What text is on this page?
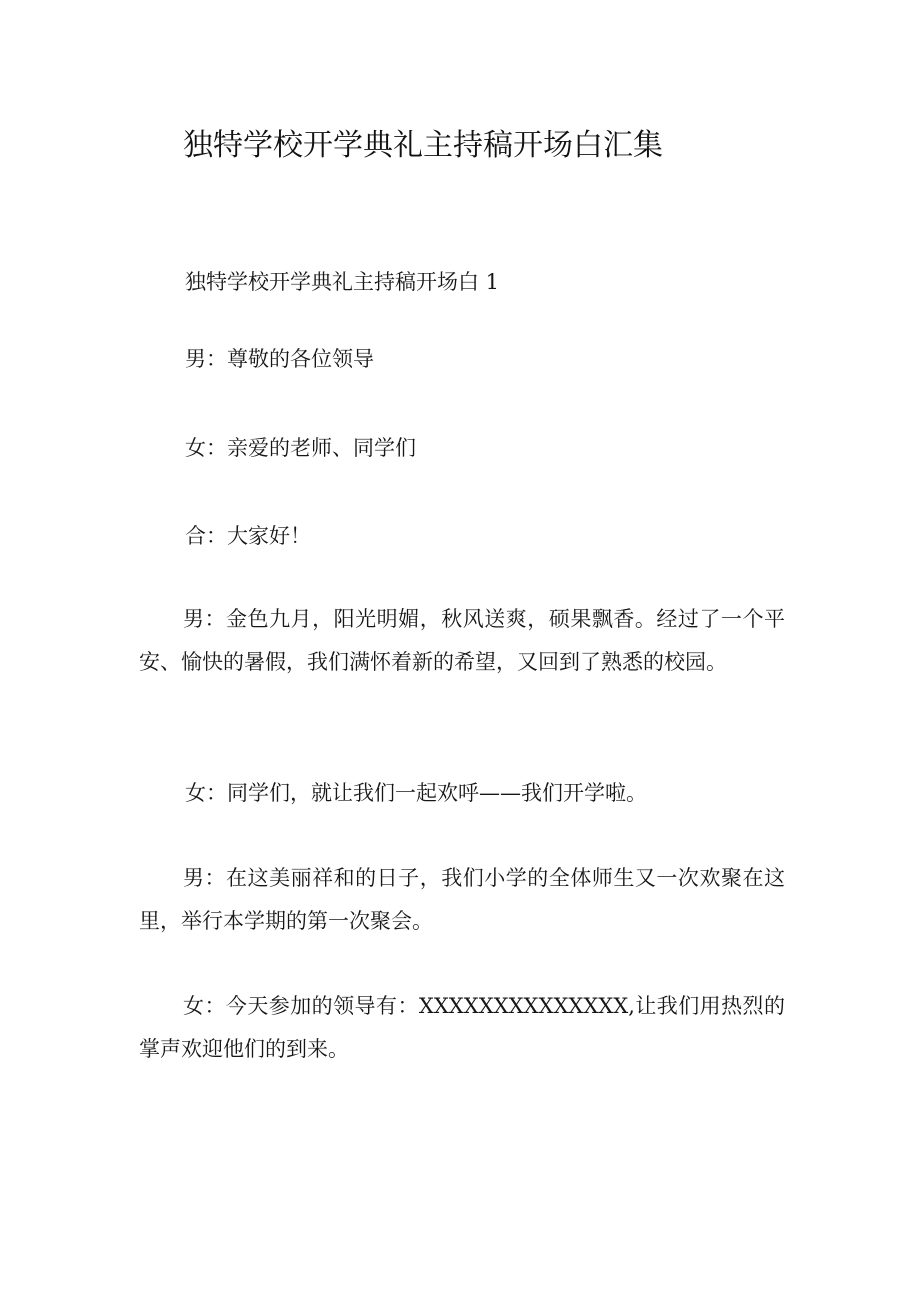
独特学校开学典礼主持稿开场白汇集

独特学校开学典礼主持稿开场白 1

男：尊敬的各位领导

女：亲爱的老师、同学们

合：大家好！

男：金色九月，阳光明媚，秋风送爽，硕果飘香。经过了一个平安、愉快的暑假，我们满怀着新的希望，又回到了熟悉的校园。

女：同学们，就让我们一起欢呼——我们开学啦。

男：在这美丽祥和的日子，我们小学的全体师生又一次欢聚在这里，举行本学期的第一次聚会。

女：今天参加的领导有：XXXXXXXXXXXXXX,让我们用热烈的掌声欢迎他们的到来。
